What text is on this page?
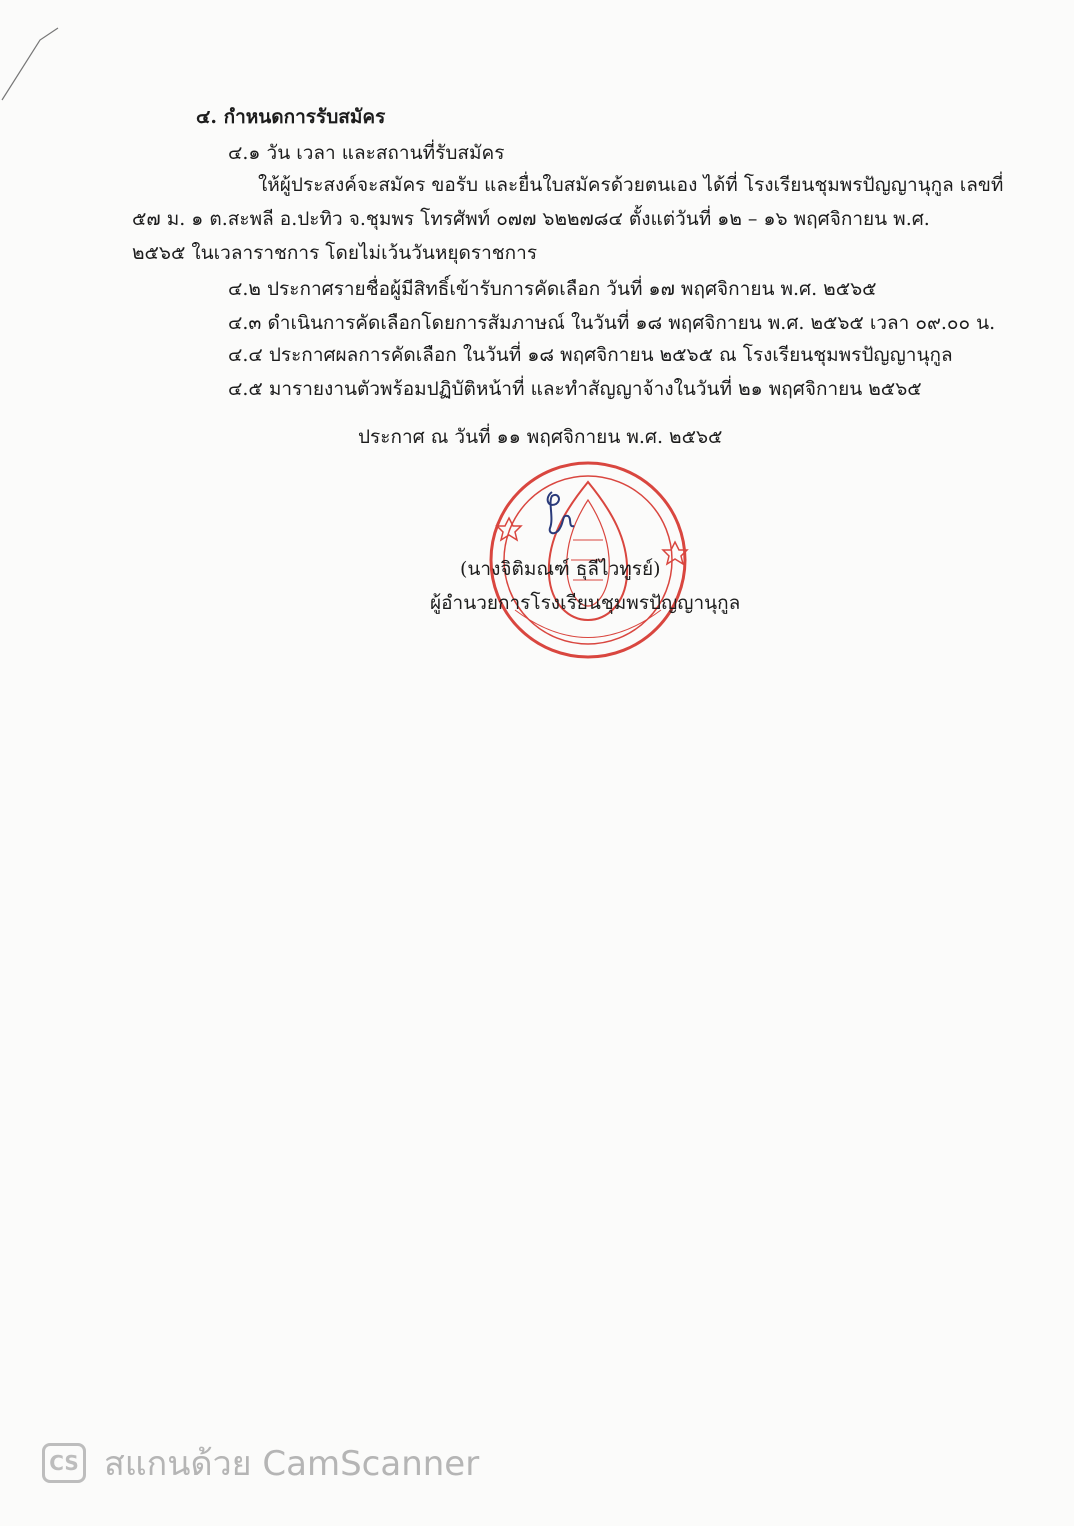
๔. กำหนดการรับสมัคร
๔.๑ วัน เวลา และสถานที่รับสมัคร
ให้ผู้ประสงค์จะสมัคร ขอรับ และยื่นใบสมัครด้วยตนเอง ได้ที่ โรงเรียนชุมพรปัญญานุกูล เลขที่
๕๗ ม. ๑ ต.สะพลี อ.ปะทิว จ.ชุมพร โทรศัพท์ ๐๗๗ ๖๒๒๗๘๔ ตั้งแต่วันที่ ๑๒ – ๑๖ พฤศจิกายน พ.ศ.
๒๕๖๕ ในเวลาราชการ โดยไม่เว้นวันหยุดราชการ
๔.๒ ประกาศรายชื่อผู้มีสิทธิ์เข้ารับการคัดเลือก วันที่ ๑๗ พฤศจิกายน พ.ศ. ๒๕๖๕
๔.๓ ดำเนินการคัดเลือกโดยการสัมภาษณ์ ในวันที่ ๑๘ พฤศจิกายน พ.ศ. ๒๕๖๕ เวลา ๐๙.๐๐ น.
๔.๔ ประกาศผลการคัดเลือก ในวันที่ ๑๘ พฤศจิกายน ๒๕๖๕ ณ โรงเรียนชุมพรปัญญานุกูล
๔.๕ มารายงานตัวพร้อมปฏิบัติหน้าที่ และทำสัญญาจ้างในวันที่ ๒๑ พฤศจิกายน ๒๕๖๕
ประกาศ ณ วันที่ ๑๑ พฤศจิกายน พ.ศ. ๒๕๖๕
(นางจิติมณฑ์ ธุลีไวทูรย์)
ผู้อำนวยการโรงเรียนชุมพรปัญญานุกูล
CS สแกนด้วย CamScanner
